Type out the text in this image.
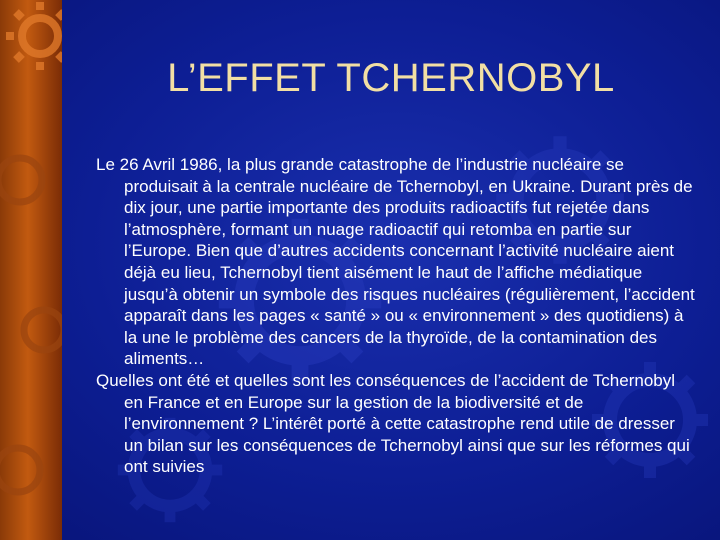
L’EFFET TCHERNOBYL

Le 26 Avril 1986, la plus grande catastrophe de l’industrie nucléaire se produisait à la centrale nucléaire de Tchernobyl, en Ukraine. Durant près de dix jour, une partie importante des produits radioactifs fut rejetée dans l’atmosphère, formant un nuage radioactif qui retomba en partie sur l’Europe. Bien que d’autres accidents concernant l’activité nucléaire aient déjà eu lieu, Tchernobyl tient aisément le haut de l’affiche médiatique jusqu’à obtenir un symbole des risques nucléaires (régulièrement, l’accident apparaît dans les pages « santé » ou « environnement » des quotidiens) à la une le problème des cancers de la thyroïde, de la contamination des aliments…

Quelles ont été et quelles sont les conséquences de l’accident de Tchernobyl en France et en Europe sur la gestion de la biodiversité et de l’environnement ? L’intérêt porté à cette catastrophe rend utile de dresser un bilan sur les conséquences de Tchernobyl ainsi que sur les réformes qui ont suivies
